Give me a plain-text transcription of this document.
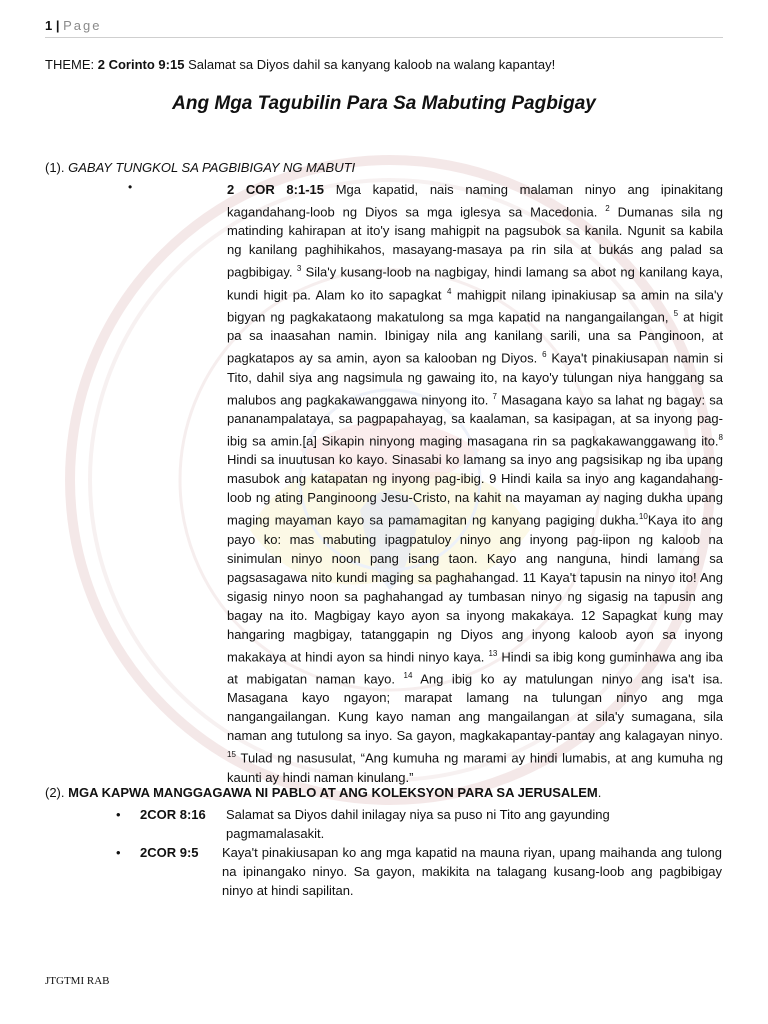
1 | Page
THEME: 2 Corinto 9:15 Salamat sa Diyos dahil sa kanyang kaloob na walang kapantay!
Ang Mga Tagubilin Para Sa Mabuting Pagbigay
(1). GABAY TUNGKOL SA PAGBIBIGAY NG MABUTI
•	2 COR 8:1-15 Mga kapatid, nais naming malaman ninyo ang ipinakitang kagandahang-loob ng Diyos sa mga iglesya sa Macedonia. $^2$ Dumanas sila ng matinding kahirapan at ito'y isang mahigpit na pagsubok sa kanila. Ngunit sa kabila ng kanilang paghihikahos, masayang-masaya pa rin sila at bukás ang palad sa pagbibigay. $^3$ Sila'y kusang-loob na nagbigay, hindi lamang sa abot ng kanilang kaya, kundi higit pa. Alam ko ito sapagkat $^4$ mahigpit nilang ipinakiusap sa amin na sila'y bigyan ng pagkakataong makatulong sa mga kapatid na nangangailangan, $^5$ at higit pa sa inaasahan namin. Ibinigay nila ang kanilang sarili, una sa Panginoon, at pagkatapos ay sa amin, ayon sa kalooban ng Diyos. $^6$ Kaya't pinakiusapan namin si Tito, dahil siya ang nagsimula ng gawaing ito, na kayo'y tulungan niya hanggang sa malubos ang pagkakawanggawa ninyong ito. $^7$ Masagana kayo sa lahat ng bagay: sa pananampalataya, sa pagpapahayag, sa kaalaman, sa kasipagan, at sa inyong pag-ibig sa amin.[a] Sikapin ninyong maging masagana rin sa pagkakawanggawang ito.$^8$ Hindi sa inuutusan ko kayo. Sinasabi ko lamang sa inyo ang pagsisikap ng iba upang masubok ang katapatan ng inyong pag-ibig. 9 Hindi kaila sa inyo ang kagandahang-loob ng ating Panginoong Jesu-Cristo, na kahit na mayaman ay naging dukha upang maging mayaman kayo sa pamamagitan ng kanyang pagiging dukha.$^{10}$Kaya ito ang payo ko: mas mabuting ipagpatuloy ninyo ang inyong pag-iipon ng kaloob na sinimulan ninyo noon pang isang taon. Kayo ang nanguna, hindi lamang sa pagsasagawa nito kundi maging sa paghahangad. 11 Kaya't tapusin na ninyo ito! Ang sigasig ninyo noon sa paghahangad ay tumbasan ninyo ng sigasig na tapusin ang bagay na ito. Magbigay kayo ayon sa inyong makakaya. 12 Sapagkat kung may hangaring magbigay, tatanggapin ng Diyos ang inyong kaloob ayon sa inyong makakaya at hindi ayon sa hindi ninyo kaya. $^{13}$ Hindi sa ibig kong guminhawa ang iba at mabigatan naman kayo. $^{14}$ Ang ibig ko ay matulungan ninyo ang isa't isa. Masagana kayo ngayon; marapat lamang na tulungan ninyo ang mga nangangailangan. Kung kayo naman ang mangailangan at sila'y sumagana, sila naman ang tutulong sa inyo. Sa gayon, magkakapantay-pantay ang kalagayan ninyo. $^{15}$ Tulad ng nasusulat, “Ang kumuha ng marami ay hindi lumabis, at ang kumuha ng kaunti ay hindi naman kinulang.”
(2). MGA KAPWA MANGGAGAWA NI PABLO AT ANG KOLEKSYON PARA SA JERUSALEM.
• 2COR 8:16 Salamat sa Diyos dahil inilagay niya sa puso ni Tito ang gayunding pagmamalasakit.
• 2COR 9:5 Kaya't pinakiusapan ko ang mga kapatid na mauna riyan, upang maihanda ang tulong na ipinangako ninyo. Sa gayon, makikita na talagang kusang-loob ang pagbibigay ninyo at hindi sapilitan.
JTGTMI RAB
